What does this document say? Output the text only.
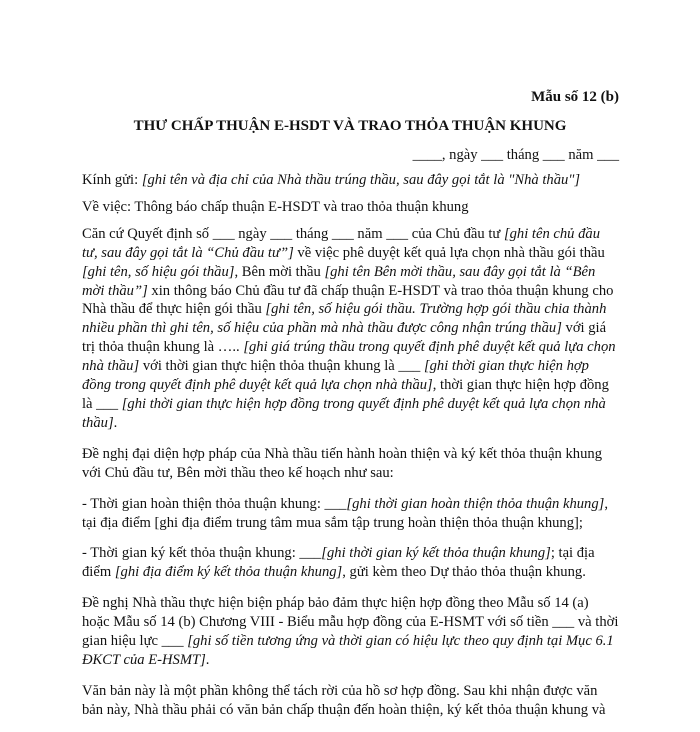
Mẫu số 12 (b)
THƯ CHẤP THUẬN E-HSDT VÀ TRAO THỎA THUẬN KHUNG
____, ngày ___ tháng ___ năm ___

Kính gửi: [ghi tên và địa chỉ của Nhà thầu trúng thầu, sau đây gọi tắt là "Nhà thầu"]

Về việc: Thông báo chấp thuận E-HSDT và trao thỏa thuận khung

Căn cứ Quyết định số ___ ngày ___ tháng ___ năm ___ của Chủ đầu tư [ghi tên chủ đầu tư, sau đây gọi tắt là “Chủ đầu tư”] về việc phê duyệt kết quả lựa chọn nhà thầu gói thầu [ghi tên, số hiệu gói thầu], Bên mời thầu [ghi tên Bên mời thầu, sau đây gọi tắt là “Bên mời thầu”] xin thông báo Chủ đầu tư đã chấp thuận E-HSDT và trao thỏa thuận khung cho Nhà thầu để thực hiện gói thầu [ghi tên, số hiệu gói thầu. Trường hợp gói thầu chia thành nhiều phần thì ghi tên, số hiệu của phần mà nhà thầu được công nhận trúng thầu] với giá trị thỏa thuận khung là ….. [ghi giá trúng thầu trong quyết định phê duyệt kết quả lựa chọn nhà thầu] với thời gian thực hiện thỏa thuận khung là ___ [ghi thời gian thực hiện hợp đồng trong quyết định phê duyệt kết quả lựa chọn nhà thầu], thời gian thực hiện hợp đồng là ___ [ghi thời gian thực hiện hợp đồng trong quyết định phê duyệt kết quả lựa chọn nhà thầu].

Đề nghị đại diện hợp pháp của Nhà thầu tiến hành hoàn thiện và ký kết thỏa thuận khung với Chủ đầu tư, Bên mời thầu theo kế hoạch như sau:

- Thời gian hoàn thiện thỏa thuận khung: ___[ghi thời gian hoàn thiện thỏa thuận khung], tại địa điểm [ghi địa điểm trung tâm mua sắm tập trung hoàn thiện thỏa thuận khung];

- Thời gian ký kết thỏa thuận khung: ___[ghi thời gian ký kết thỏa thuận khung]; tại địa điểm [ghi địa điểm ký kết thỏa thuận khung], gửi kèm theo Dự thảo thỏa thuận khung.

Đề nghị Nhà thầu thực hiện biện pháp bảo đảm thực hiện hợp đồng theo Mẫu số 14 (a) hoặc Mẫu số 14 (b) Chương VIII - Biểu mẫu hợp đồng của E-HSMT với số tiền ___ và thời gian hiệu lực ___ [ghi số tiền tương ứng và thời gian có hiệu lực theo quy định tại Mục 6.1 ĐKCT của E-HSMT].

Văn bản này là một phần không thể tách rời của hồ sơ hợp đồng. Sau khi nhận được văn bản này, Nhà thầu phải có văn bản chấp thuận đến hoàn thiện, ký kết thỏa thuận khung và
